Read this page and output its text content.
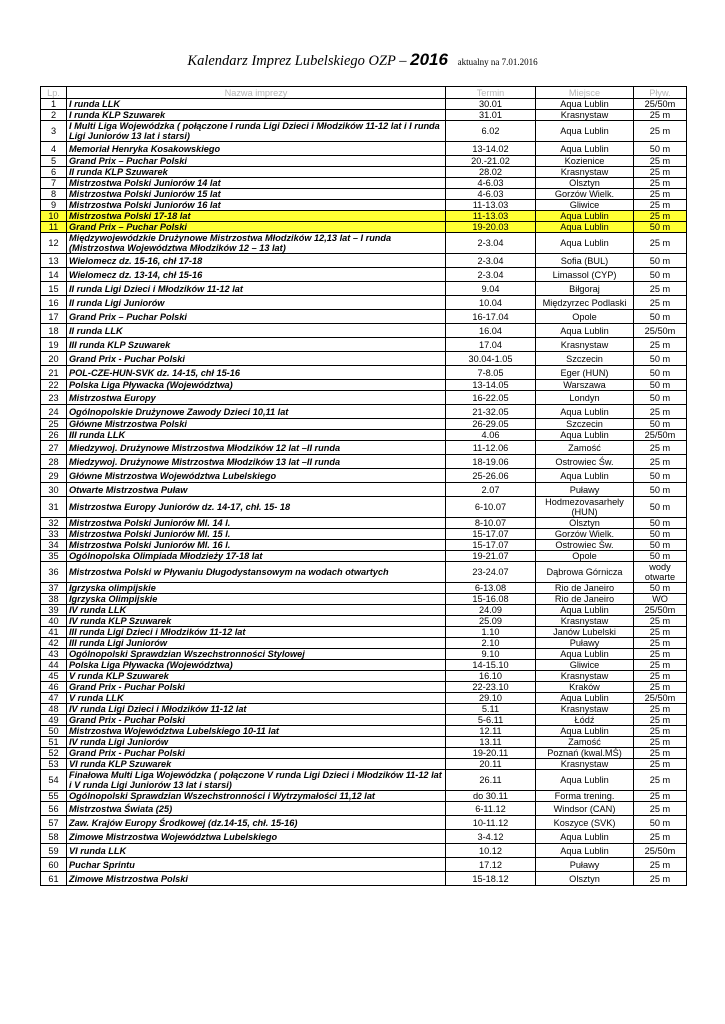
Kalendarz Imprez Lubelskiego OZP – 2016 aktualny na 7.01.2016
Lp.	Nazwa imprezy	Termin	Miejsce	Pływ.
1	I runda LLK	30.01	Aqua Lublin	25/50m
2	I runda KLP Szuwarek	31.01	Krasnystaw	25 m
3	I Multi Liga Wojewódzka ( połączone I runda Ligi Dzieci i Młodzików 11-12 lat i I runda Ligi Juniorów 13 lat i starsi)	6.02	Aqua Lublin	25 m
4	Memoriał Henryka Kosakowskiego	13-14.02	Aqua Lublin	50 m
5	Grand Prix – Puchar Polski	20.-21.02	Kozienice	25 m
6	II runda KLP Szuwarek	28.02	Krasnystaw	25 m
7	Mistrzostwa Polski Juniorów 14 lat	4-6.03	Olsztyn	25 m
8	Mistrzostwa Polski Juniorów 15 lat	4-6.03	Gorzów Wielk.	25 m
9	Mistrzostwa Polski Juniorów 16 lat	11-13.03	Gliwice	25 m
10	Mistrzostwa Polski 17-18 lat	11-13.03	Aqua Lublin	25 m
11	Grand Prix – Puchar Polski	19-20.03	Aqua Lublin	50 m
12	Międzywojewódzkie Drużynowe Mistrzostwa Młodzików 12,13 lat – I runda (Mistrzostwa Województwa Młodzików 12 – 13 lat)	2-3.04	Aqua Lublin	25 m
13	Wielomecz dz. 15-16, chł 17-18	2-3.04	Sofia (BUL)	50 m
14	Wielomecz dz. 13-14, chł 15-16	2-3.04	Limassol (CYP)	50 m
15	II runda Ligi Dzieci i Młodzików 11-12 lat	9.04	Biłgoraj	25 m
16	II runda Ligi Juniorów	10.04	Międzyrzec Podlaski	25 m
17	Grand Prix – Puchar Polski	16-17.04	Opole	50 m
18	II runda LLK	16.04	Aqua Lublin	25/50m
19	III runda KLP Szuwarek	17.04	Krasnystaw	25 m
20	Grand Prix - Puchar Polski	30.04-1.05	Szczecin	50 m
21	POL-CZE-HUN-SVK dz. 14-15, chł 15-16	7-8.05	Eger (HUN)	50 m
22	Polska Liga Pływacka (Województwa)	13-14.05	Warszawa	50 m
23	Mistrzostwa Europy	16-22.05	Londyn	50 m
24	Ogólnopolskie Drużynowe Zawody Dzieci 10,11 lat	21-32.05	Aqua Lublin	25 m
25	Główne Mistrzostwa Polski	26-29.05	Szczecin	50 m
26	III runda LLK	4.06	Aqua Lublin	25/50m
27	Miedzywoj. Drużynowe Mistrzostwa Młodzików 12 lat –II runda	11-12.06	Zamość	25 m
28	Miedzywoj. Drużynowe Mistrzostwa Młodzików 13 lat –II runda	18-19.06	Ostrowiec Św.	25 m
29	Główne Mistrzostwa Województwa Lubelskiego	25-26.06	Aqua Lublin	50 m
30	Otwarte Mistrzostwa Puław	2.07	Puławy	50 m
31	Mistrzostwa Europy Juniorów dz. 14-17, chł. 15- 18	6-10.07	Hodmezovasarhely (HUN)	50 m
32	Mistrzostwa Polski Juniorów Ml. 14 l.	8-10.07	Olsztyn	50 m
33	Mistrzostwa Polski Juniorów Ml. 15 l.	15-17.07	Gorzów Wielk.	50 m
34	Mistrzostwa Polski Juniorów Ml. 16 l.	15-17.07	Ostrowiec Św.	50 m
35	Ogólnopolska Olimpiada Młodzieży 17-18 lat	19-21.07	Opole	50 m
36	Mistrzostwa Polski w Pływaniu Długodystansowym na wodach otwartych	23-24.07	Dąbrowa Górnicza	wody otwarte
37	Igrzyska olimpijskie	6-13.08	Rio de Janeiro	50 m
38	Igrzyska Olimpijskie	15-16.08	Rio de Janeiro	WO
39	IV runda LLK	24.09	Aqua Lublin	25/50m
40	IV runda KLP Szuwarek	25.09	Krasnystaw	25 m
41	III runda Ligi Dzieci i Młodzików 11-12 lat	1.10	Janów Lubelski	25 m
42	III runda Ligi Juniorów	2.10	Puławy	25 m
43	Ogólnopolski Sprawdzian Wszechstronności Stylowej	9.10	Aqua Lublin	25 m
44	Polska Liga Pływacka (Województwa)	14-15.10	Gliwice	25 m
45	V runda KLP Szuwarek	16.10	Krasnystaw	25 m
46	Grand Prix - Puchar Polski	22-23.10	Kraków	25 m
47	V runda LLK	29.10	Aqua Lublin	25/50m
48	IV runda Ligi Dzieci i Młodzików 11-12 lat	5.11	Krasnystaw	25 m
49	Grand Prix - Puchar Polski	5-6.11	Łódź	25 m
50	Mistrzostwa Województwa Lubelskiego 10-11 lat	12.11	Aqua Lublin	25 m
51	IV runda Ligi Juniorów	13.11	Zamość	25 m
52	Grand Prix - Puchar Polski	19-20.11	Poznań (kwal.MŚ)	25 m
53	VI runda KLP Szuwarek	20.11	Krasnystaw	25 m
54	Finałowa Multi Liga Wojewódzka ( połączone V runda Ligi Dzieci i Młodzików 11-12 lat i V runda Ligi Juniorów 13 lat i starsi)	26.11	Aqua Lublin	25 m
55	Ogólnopolski Sprawdzian Wszechstronności i Wytrzymałości 11,12 lat	do 30.11	Forma trening.	25 m
56	Mistrzostwa Świata (25)	6-11.12	Windsor (CAN)	25 m
57	Zaw. Krajów Europy Środkowej (dz.14-15, chł. 15-16)	10-11.12	Koszyce (SVK)	50 m
58	Zimowe Mistrzostwa Województwa Lubelskiego	3-4.12	Aqua Lublin	25 m
59	VI runda LLK	10.12	Aqua Lublin	25/50m
60	Puchar Sprintu	17.12	Puławy	25 m
61	Zimowe Mistrzostwa Polski	15-18.12	Olsztyn	25 m
